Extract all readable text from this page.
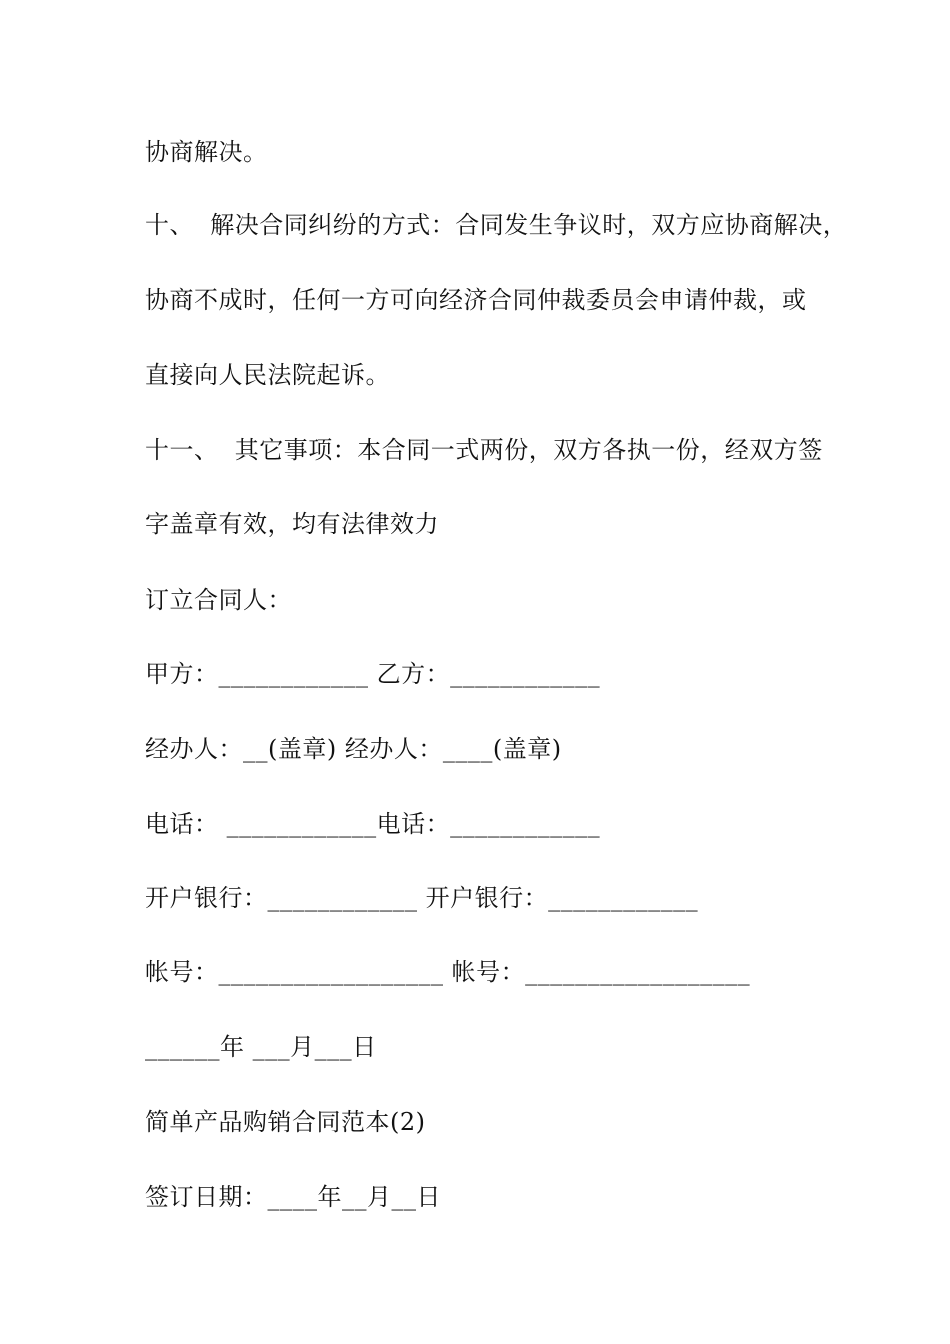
协商解决。
十、  解决合同纠纷的方式：合同发生争议时，双方应协商解决，
协商不成时，任何一方可向经济合同仲裁委员会申请仲裁，或
直接向人民法院起诉。
十一、  其它事项：本合同一式两份，双方各执一份，经双方签
字盖章有效，均有法律效力
订立合同人：
甲方：____________ 乙方：____________
经办人：__(盖章) 经办人：____(盖章)
电话： ____________电话：____________
开户银行：____________ 开户银行：____________
帐号：__________________ 帐号：__________________
______年 ___月___日
简单产品购销合同范本(2)
签订日期：____年__月__日
